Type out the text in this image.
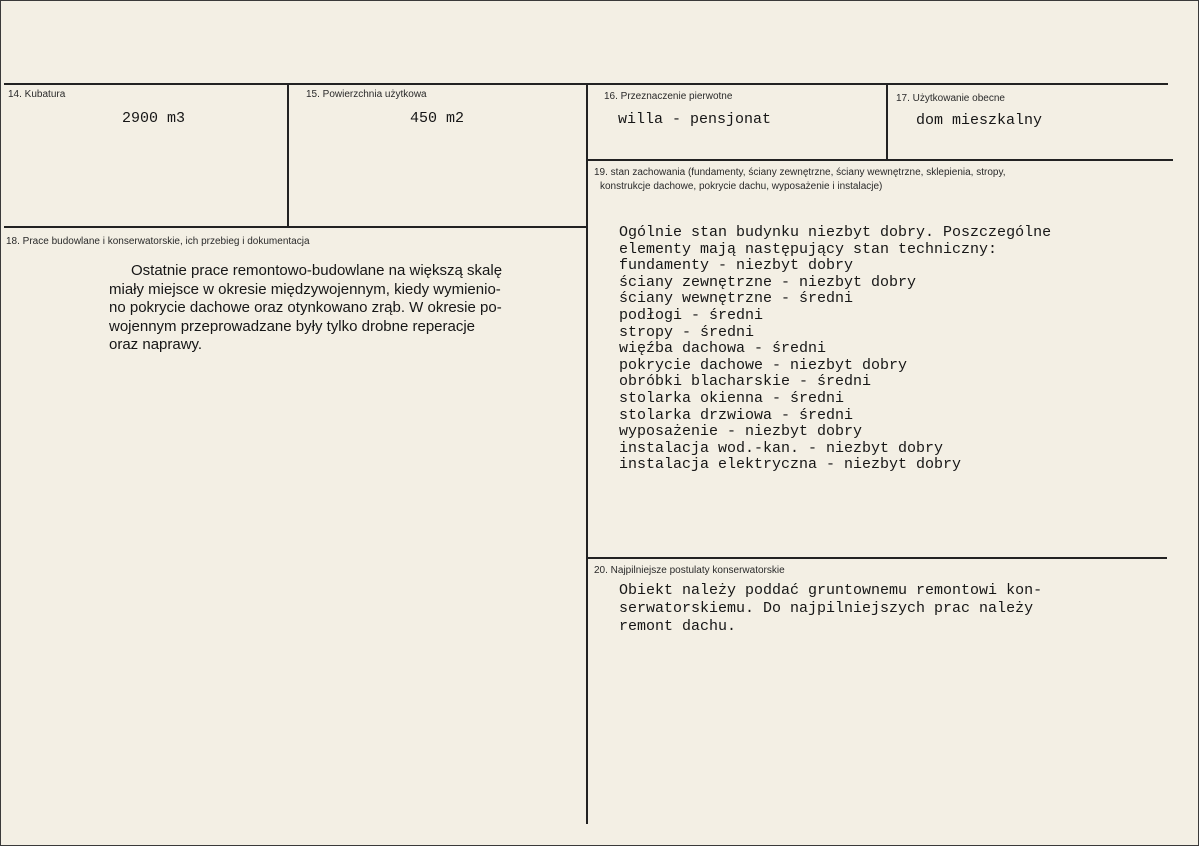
14. Kubatura
2900 m3
15. Powierzchnia użytkowa
450 m2
16. Przeznaczenie pierwotne
willa - pensjonat
17. Użytkowanie obecne
dom mieszkalny
18. Prace budowlane i konserwatorskie, ich przebieg i dokumentacja
Ostatnie prace remontowo-budowlane na większą skalę
miały miejsce w okresie międzywojennym, kiedy wymienio-
no pokrycie dachowe oraz otynkowano zrąb. W okresie po-
wojennym przeprowadzane były tylko drobne reperacje
oraz naprawy.
19. stan zachowania (fundamenty, ściany zewnętrzne, ściany wewnętrzne, sklepienia, stropy,
konstrukcje dachowe, pokrycie dachu, wyposażenie i instalacje)
Ogólnie stan budynku niezbyt dobry. Poszczególne
elementy mają następujący stan techniczny:
fundamenty - niezbyt dobry
ściany zewnętrzne - niezbyt dobry
ściany wewnętrzne - średni
podłogi - średni
stropy - średni
więźba dachowa - średni
pokrycie dachowe - niezbyt dobry
obróbki blacharskie - średni
stolarka okienna - średni
stolarka drzwiowa - średni
wyposażenie - niezbyt dobry
instalacja wod.-kan. - niezbyt dobry
instalacja elektryczna - niezbyt dobry
20. Najpilniejsze postulaty konserwatorskie
Obiekt należy poddać gruntownemu remontowi kon-
serwatorskiemu. Do najpilniejszych prac należy
remont dachu.
